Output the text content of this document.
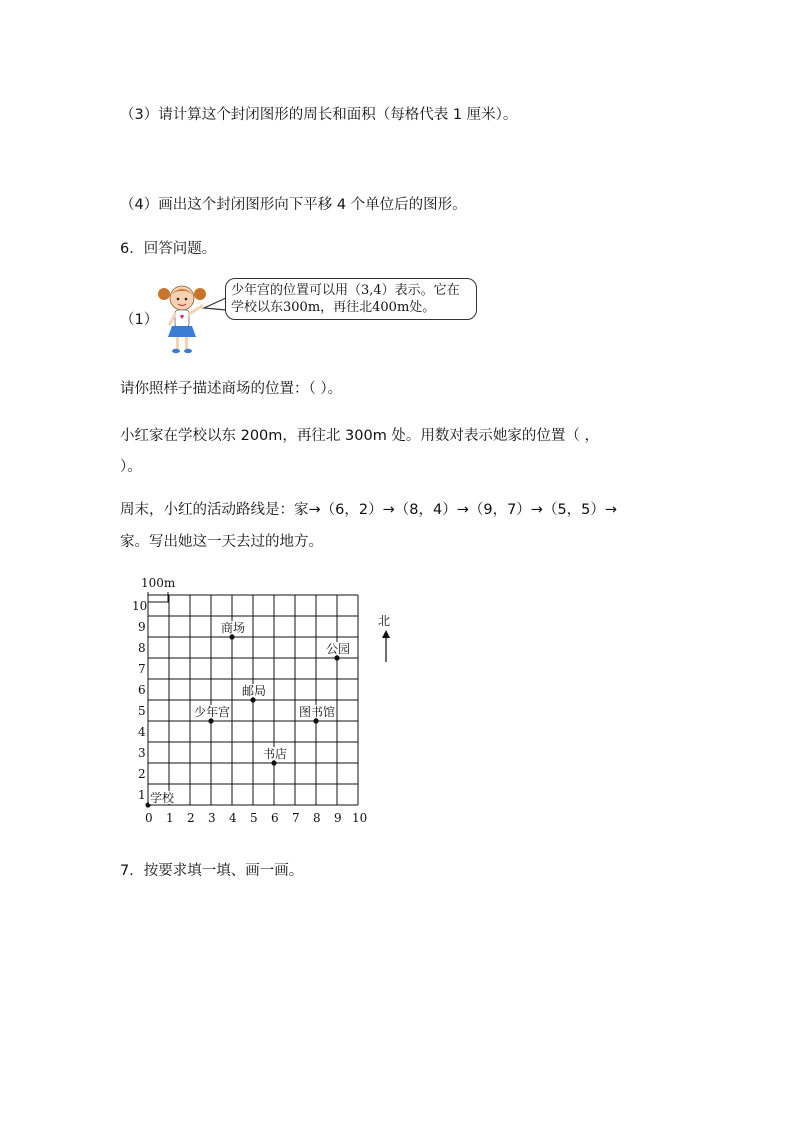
（3）请计算这个封闭图形的周长和面积（每格代表 1 厘米）。
（4）画出这个封闭图形向下平移 4 个单位后的图形。
6．回答问题。
（1）
少年宫的位置可以用（3,4）表示。它在
学校以东300m，再往北400m处。
请你照样子描述商场的位置：（ ）。
小红家在学校以东 200m，再往北 300m 处。用数对表示她家的位置（ ，
）。
周末，小红的活动路线是：家→（6，2）→（8，4）→（9，7）→（5，5）→
家。写出她这一天去过的地方。
100m
0 1 2 3 4 5 6 7 8 9 10
1
2
3
4
5
6
7
8
9
10
学校
少年宫
商场
邮局
书店
图书馆
公园
北
7．按要求填一填、画一画。
